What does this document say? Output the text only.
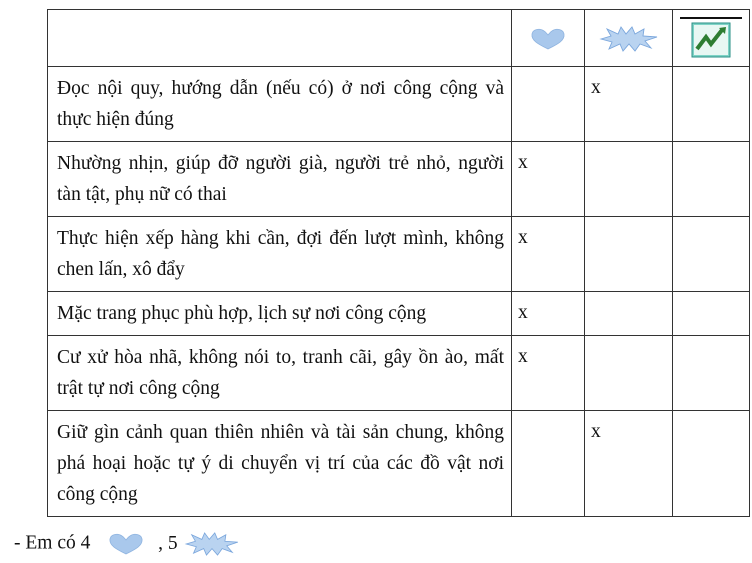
Đọc nội quy, hướng dẫn (nếu có) ở nơi công cộng và thực hiện đúng		x	
Nhường nhịn, giúp đỡ người già, người trẻ nhỏ, người tàn tật, phụ nữ có thai	x		
Thực hiện xếp hàng khi cần, đợi đến lượt mình, không chen lấn, xô đẩy	x		
Mặc trang phục phù hợp, lịch sự nơi công cộng	x		
Cư xử hòa nhã, không nói to, tranh cãi, gây ồn ào, mất trật tự nơi công cộng	x		
Giữ gìn cảnh quan thiên nhiên và tài sản chung, không phá hoại hoặc tự ý di chuyển vị trí của các đồ vật nơi công cộng		x	
- Em có 4	, 5
